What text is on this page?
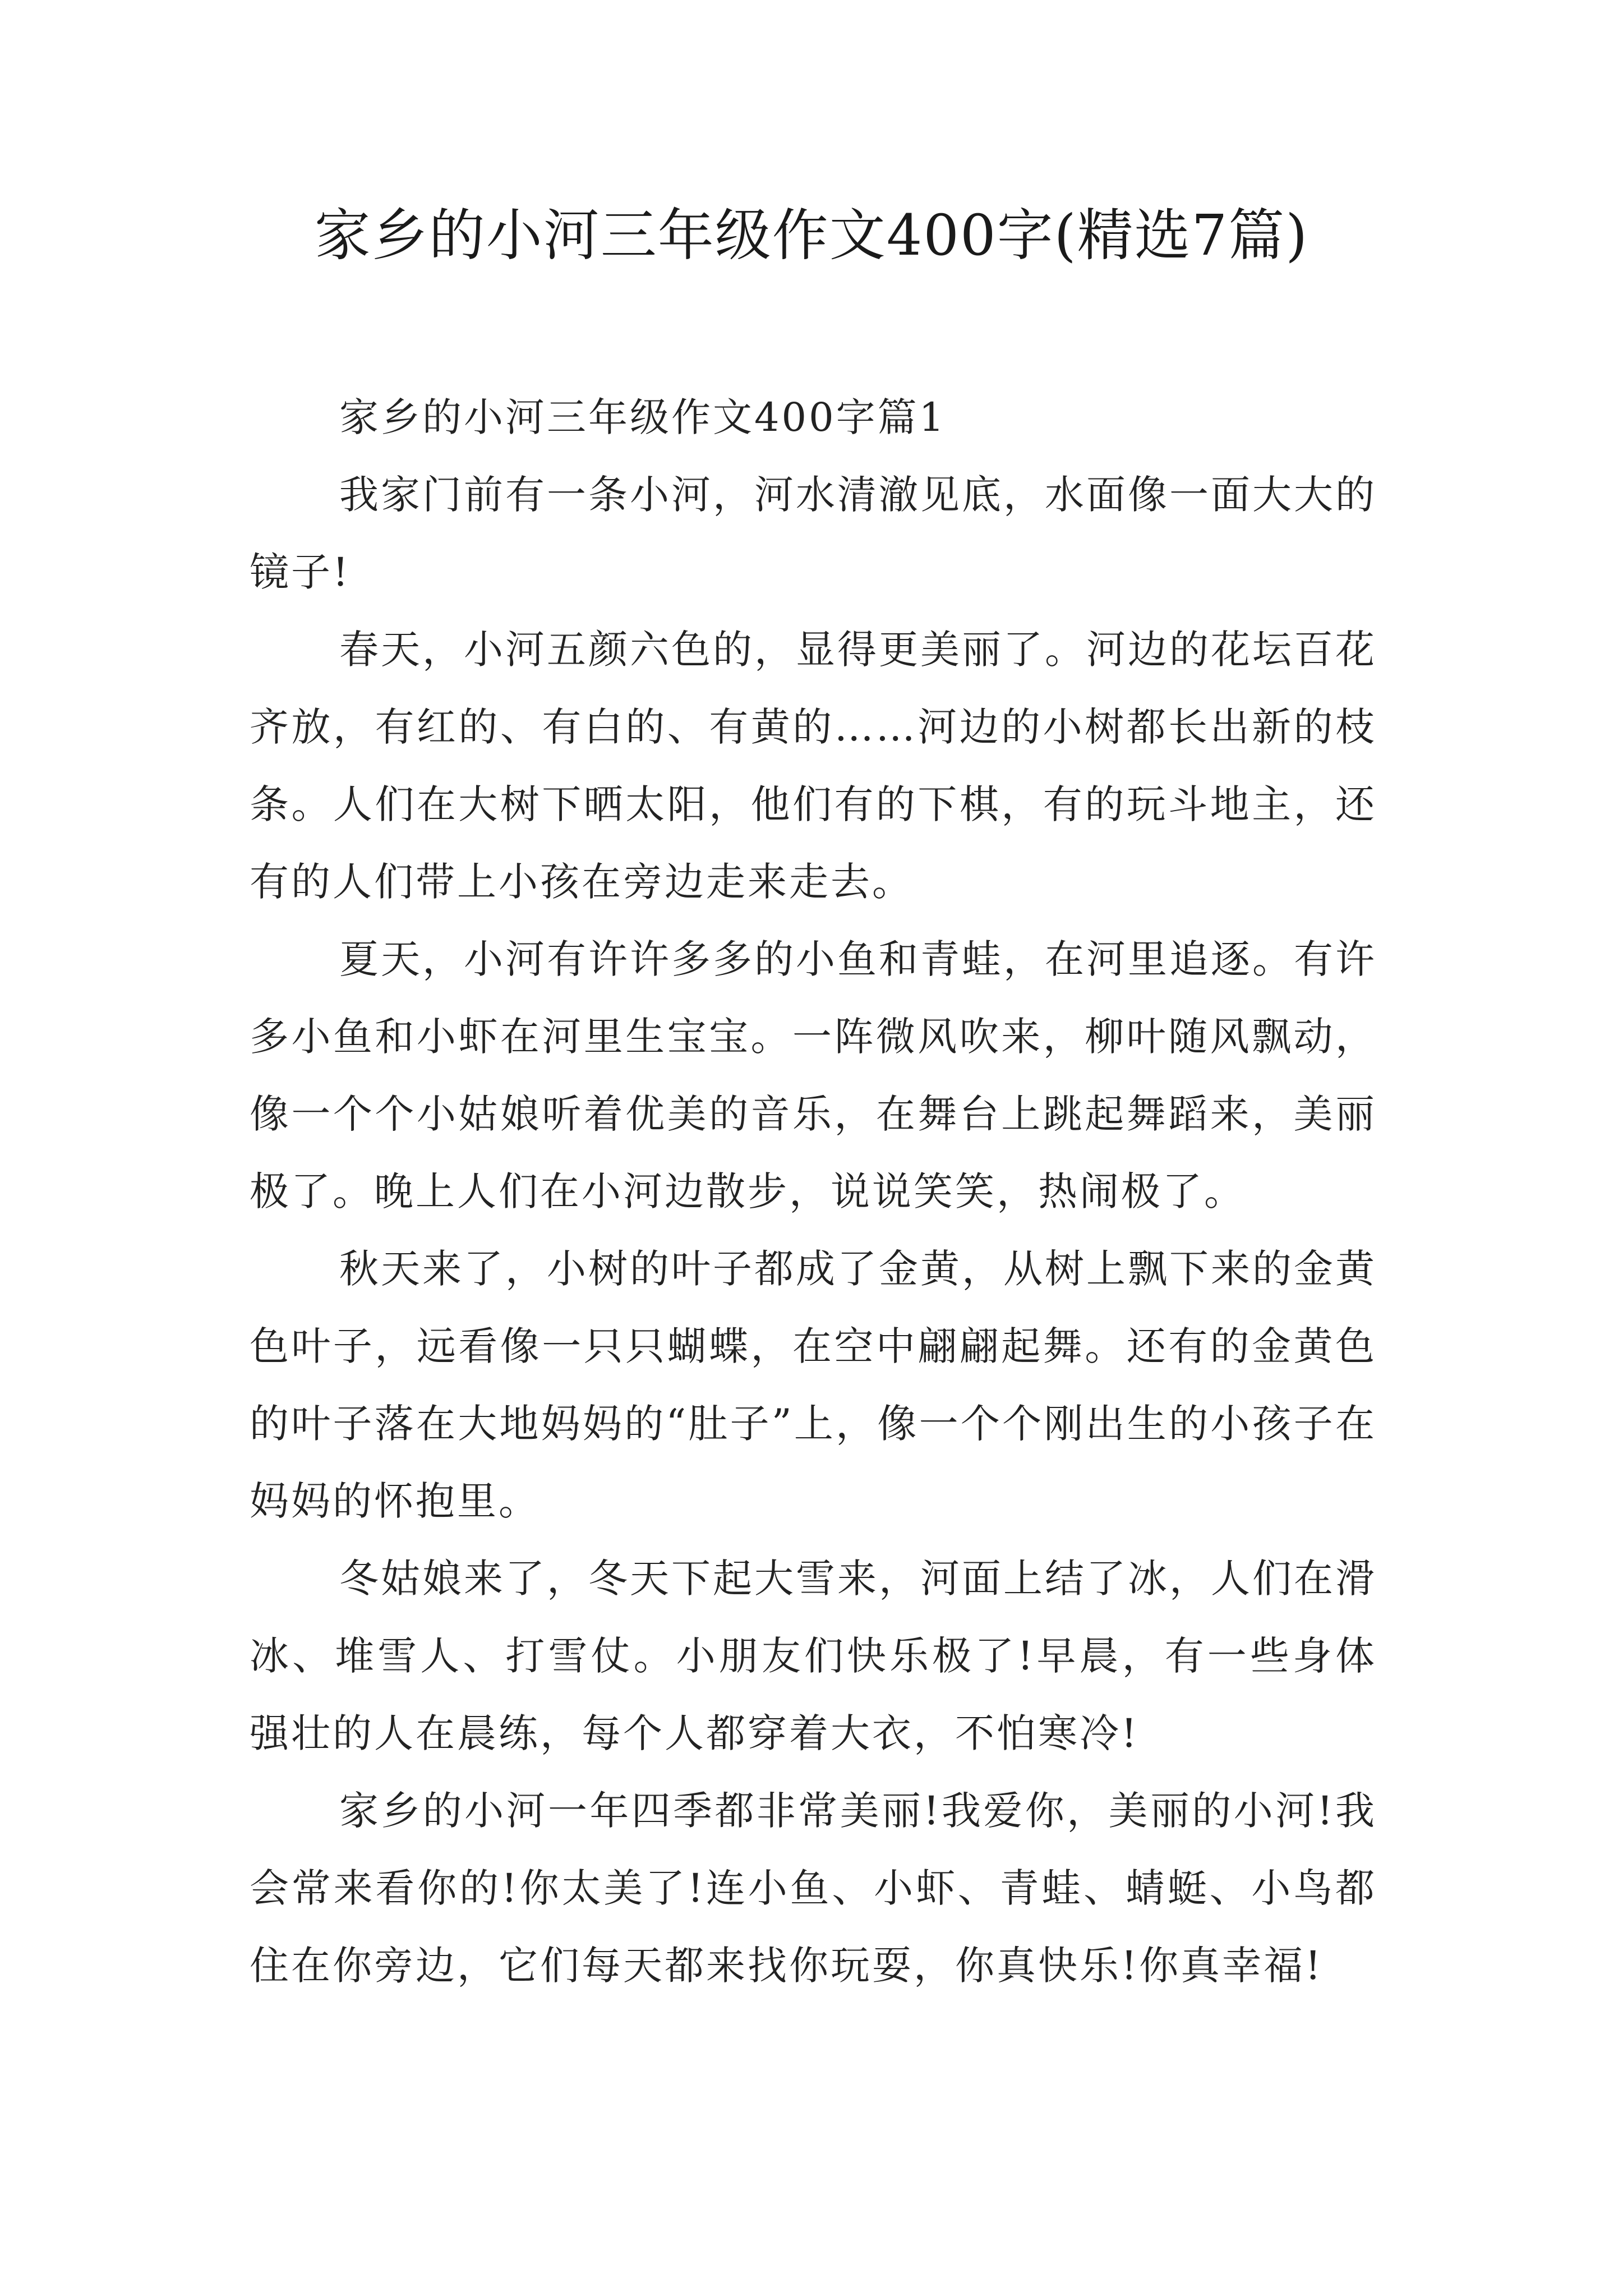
家乡的小河三年级作文400字(精选7篇)

家乡的小河三年级作文400字篇1

我家门前有一条小河，河水清澈见底，水面像一面大大的镜子!

春天，小河五颜六色的，显得更美丽了。河边的花坛百花齐放，有红的、有白的、有黄的……河边的小树都长出新的枝条。人们在大树下晒太阳，他们有的下棋，有的玩斗地主，还有的人们带上小孩在旁边走来走去。

夏天，小河有许许多多的小鱼和青蛙，在河里追逐。有许多小鱼和小虾在河里生宝宝。一阵微风吹来，柳叶随风飘动，像一个个小姑娘听着优美的音乐，在舞台上跳起舞蹈来，美丽极了。晚上人们在小河边散步，说说笑笑，热闹极了。

秋天来了，小树的叶子都成了金黄，从树上飘下来的金黄色叶子，远看像一只只蝴蝶，在空中翩翩起舞。还有的金黄色的叶子落在大地妈妈的“肚子”上，像一个个刚出生的小孩子在妈妈的怀抱里。

冬姑娘来了，冬天下起大雪来，河面上结了冰，人们在滑冰、堆雪人、打雪仗。小朋友们快乐极了!早晨，有一些身体强壮的人在晨练，每个人都穿着大衣，不怕寒冷!

家乡的小河一年四季都非常美丽!我爱你，美丽的小河!我会常来看你的!你太美了!连小鱼、小虾、青蛙、蜻蜓、小鸟都住在你旁边，它们每天都来找你玩耍，你真快乐!你真幸福!
